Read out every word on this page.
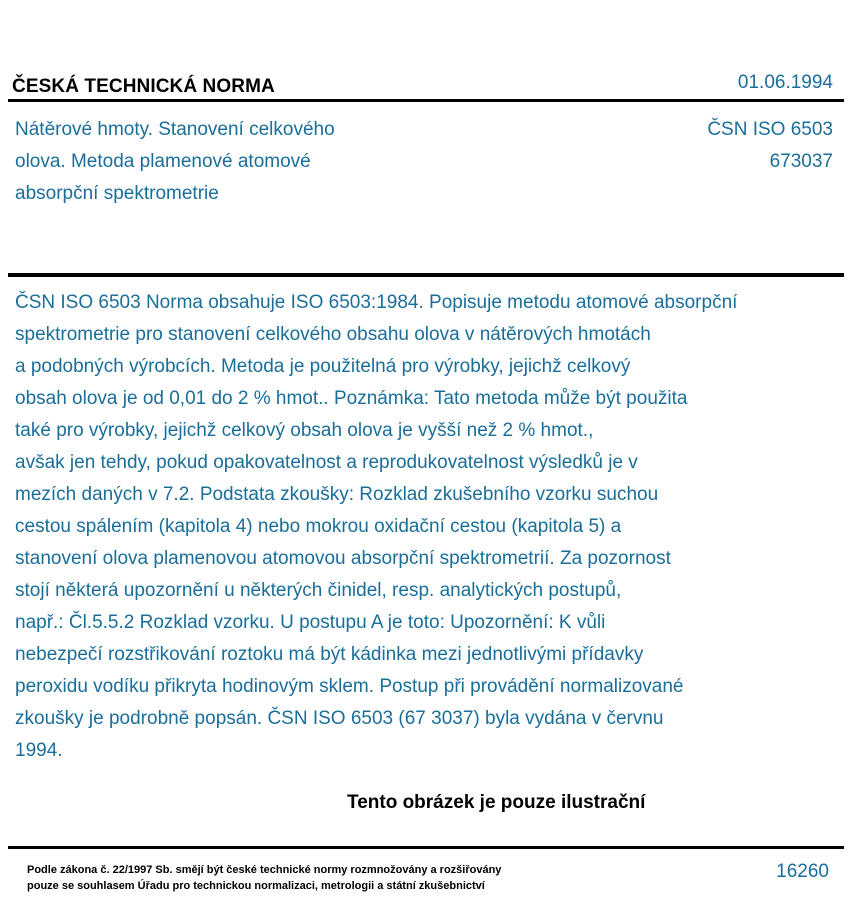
ČESKÁ TECHNICKÁ NORMA	01.06.1994
Nátěrové hmoty. Stanovení celkového
olova. Metoda plamenové atomové
absorpční spektrometrie
ČSN ISO 6503
673037
ČSN ISO 6503 Norma obsahuje ISO 6503:1984. Popisuje metodu atomové absorpční
spektrometrie pro stanovení celkového obsahu olova v nátěrových hmotách
a podobných výrobcích. Metoda je použitelná pro výrobky, jejichž celkový
obsah olova je od 0,01 do 2 % hmot.. Poznámka: Tato metoda může být použita
také pro výrobky, jejichž celkový obsah olova je vyšší než 2 % hmot.,
avšak jen tehdy, pokud opakovatelnost a reprodukovatelnost výsledků je v
mezích daných v 7.2. Podstata zkoušky: Rozklad zkušebního vzorku suchou
cestou spálením (kapitola 4) nebo mokrou oxidační cestou (kapitola 5) a
stanovení olova plamenovou atomovou absorpční spektrometrií. Za pozornost
stojí některá upozornění u některých činidel, resp. analytických postupů,
např.: Čl.5.5.2 Rozklad vzorku. U postupu A je toto: Upozornění: K vůli
nebezpečí rozstřikování roztoku má být kádinka mezi jednotlivými přídavky
peroxidu vodíku přikryta hodinovým sklem. Postup při provádění normalizované
zkoušky je podrobně popsán. ČSN ISO 6503 (67 3037) byla vydána v červnu
1994.
Tento obrázek je pouze ilustrační
Podle zákona č. 22/1997 Sb. smějí být české technické normy rozmnožovány a rozšiřovány
pouze se souhlasem Úřadu pro technickou normalizaci, metrologii a státní zkušebnictví
16260
